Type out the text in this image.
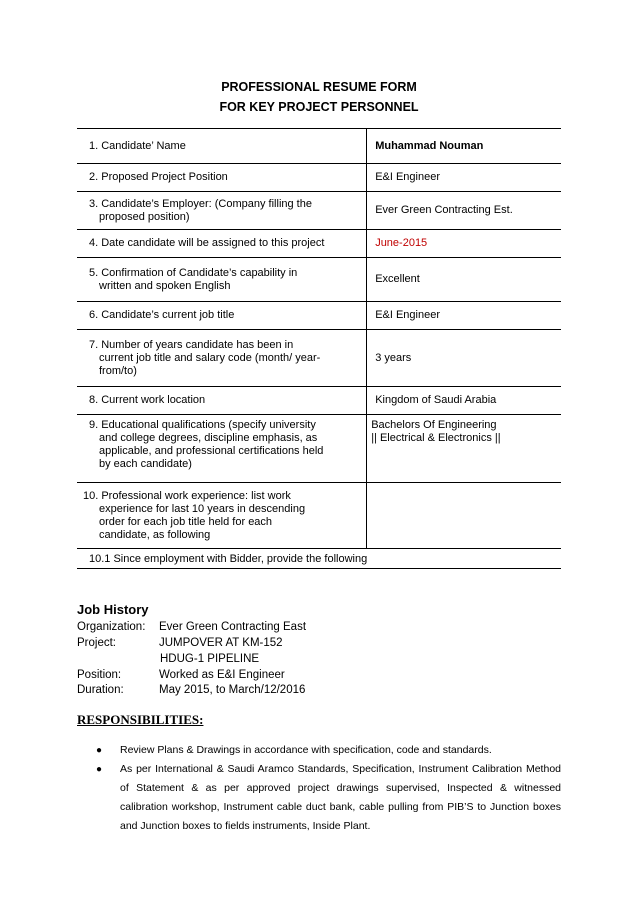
PROFESSIONAL RESUME FORM
FOR KEY PROJECT PERSONNEL
1. Candidate’ Name	Muhammad Nouman
2. Proposed Project Position	E&I Engineer
3. Candidate’s Employer: (Company filling the
proposed position)	Ever Green Contracting Est.
4. Date candidate will be assigned to this project	June-2015
5. Confirmation of Candidate’s capability in
written and spoken English	Excellent
6. Candidate’s current job title	E&I Engineer
7. Number of years candidate has been in
current job title and salary code (month/ year-
from/to)	3 years
8. Current work location	Kingdom of Saudi Arabia
9. Educational qualifications (specify university
and college degrees, discipline emphasis, as
applicable, and professional certifications held
by each candidate)	Bachelors Of Engineering
|| Electrical & Electronics ||
10. Professional work experience: list work
experience for last 10 years in descending
order for each job title held for each
candidate, as following	

10.1 Since employment with Bidder, provide the following	
Job History
Organization: Ever Green Contracting East
Project:	JUMPOVER AT KM-152
HDUG-1 PIPELINE
Position:	Worked as E&I Engineer
Duration:	May 2015, to March/12/2016
RESPONSIBILITIES:
● Review Plans & Drawings in accordance with specification, code and standards.
● As per International & Saudi Aramco Standards, Specification, Instrument Calibration Method of Statement & as per approved project drawings supervised, Inspected & witnessed calibration workshop, Instrument cable duct bank, cable pulling from PIB’S to Junction boxes and Junction boxes to fields instruments, Inside Plant.
